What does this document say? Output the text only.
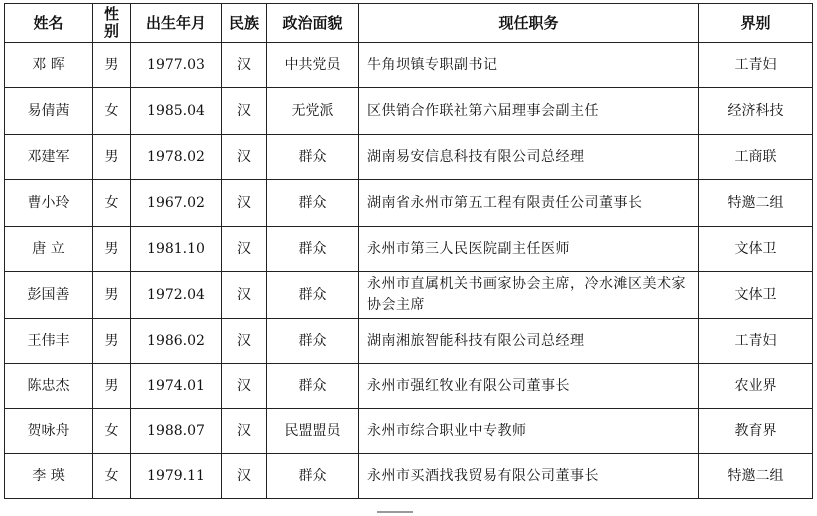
姓名	性别	出生年月	民族	政治面貌	现任职务	界别
邓 晖	男	1977.03	汉	中共党员	牛角坝镇专职副书记	工青妇
易倩茜	女	1985.04	汉	无党派	区供销合作联社第六届理事会副主任	经济科技
邓建军	男	1978.02	汉	群众	湖南易安信息科技有限公司总经理	工商联
曹小玲	女	1967.02	汉	群众	湖南省永州市第五工程有限责任公司董事长	特邀二组
唐 立	男	1981.10	汉	群众	永州市第三人民医院副主任医师	文体卫
彭国善	男	1972.04	汉	群众	永州市直属机关书画家协会主席，冷水滩区美术家协会主席	文体卫
王伟丰	男	1986.02	汉	群众	湖南湘旅智能科技有限公司总经理	工青妇
陈忠杰	男	1974.01	汉	群众	永州市强红牧业有限公司董事长	农业界
贺咏舟	女	1988.07	汉	民盟盟员	永州市综合职业中专教师	教育界
李 瑛	女	1979.11	汉	群众	永州市买酒找我贸易有限公司董事长	特邀二组
